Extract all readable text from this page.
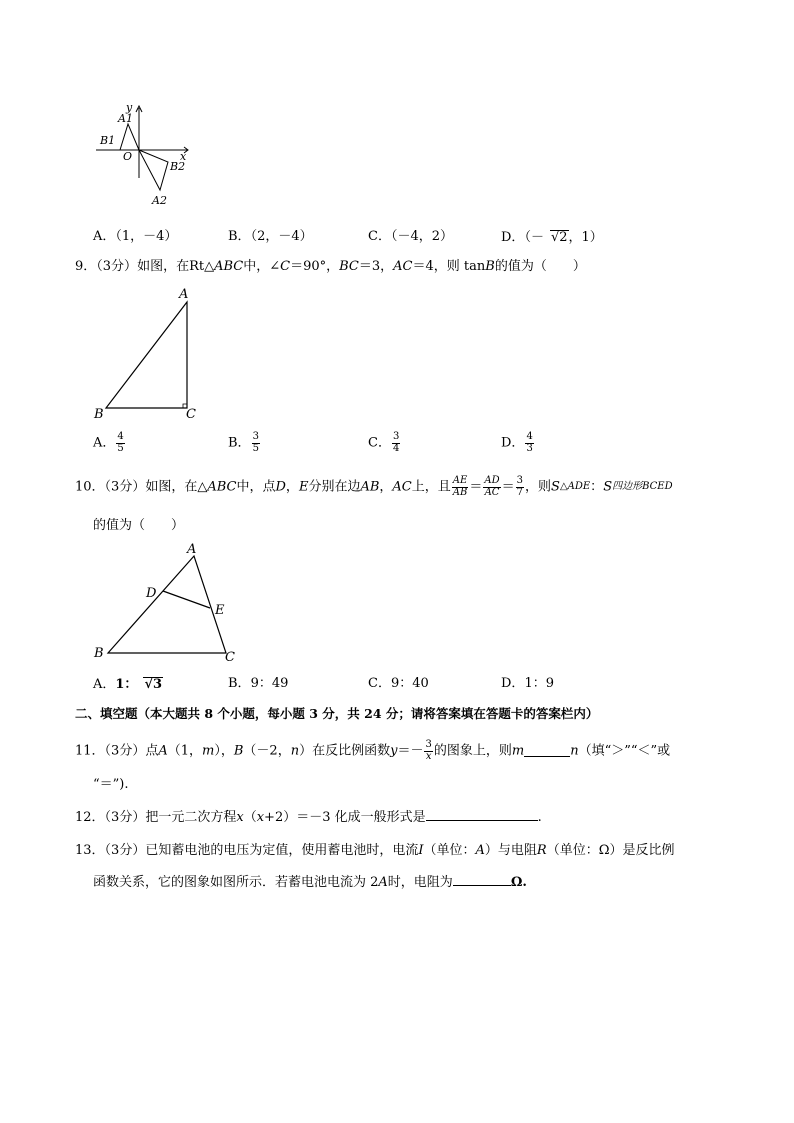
y
A1
B1
O	x
B2
A2
A．（1，－4）	B．（2，－4）	C．（－4，2）	D．（－ √2，1）
9．（3分）如图，在Rt△ABC中，∠C＝90°，BC＝3，AC＝4，则 tanB的值为（　　）
A
B	C
A． $\frac{4}{5}$	B． $\frac{3}{5}$	C． $\frac{3}{4}$	D． $\frac{4}{3}$
10．（3分）如图，在△ABC中，点D，E分别在边AB，AC上，且 $\frac{AE}{AB} = \frac{AD}{AC} = \frac{3}{7}$ ，则S△ADE：S四边形BCED
的值为（　　）
A
D
E
B	C
A．1： √3	B．9：49	C．9：40	D．1：9
二、填空题（本大题共 8 个小题，每小题 3 分，共 24 分；请将答案填在答题卡的答案栏内）
11．（3分）点A（1，m），B（－2，n）在反比例函数$y=- \frac{3}{x}$ 的图象上，则m	n（填“＞”“＜”或
“＝”).
12．（3分）把一元二次方程x（x+2）＝－3 化成一般形式是	.
13．（3分）已知蓄电池的电压为定值，使用蓄电池时，电流I（单位：A）与电阻R（单位：Ω）是反比例
函数关系，它的图象如图所示．若蓄电池电流为 2A时，电阻为	Ω.
